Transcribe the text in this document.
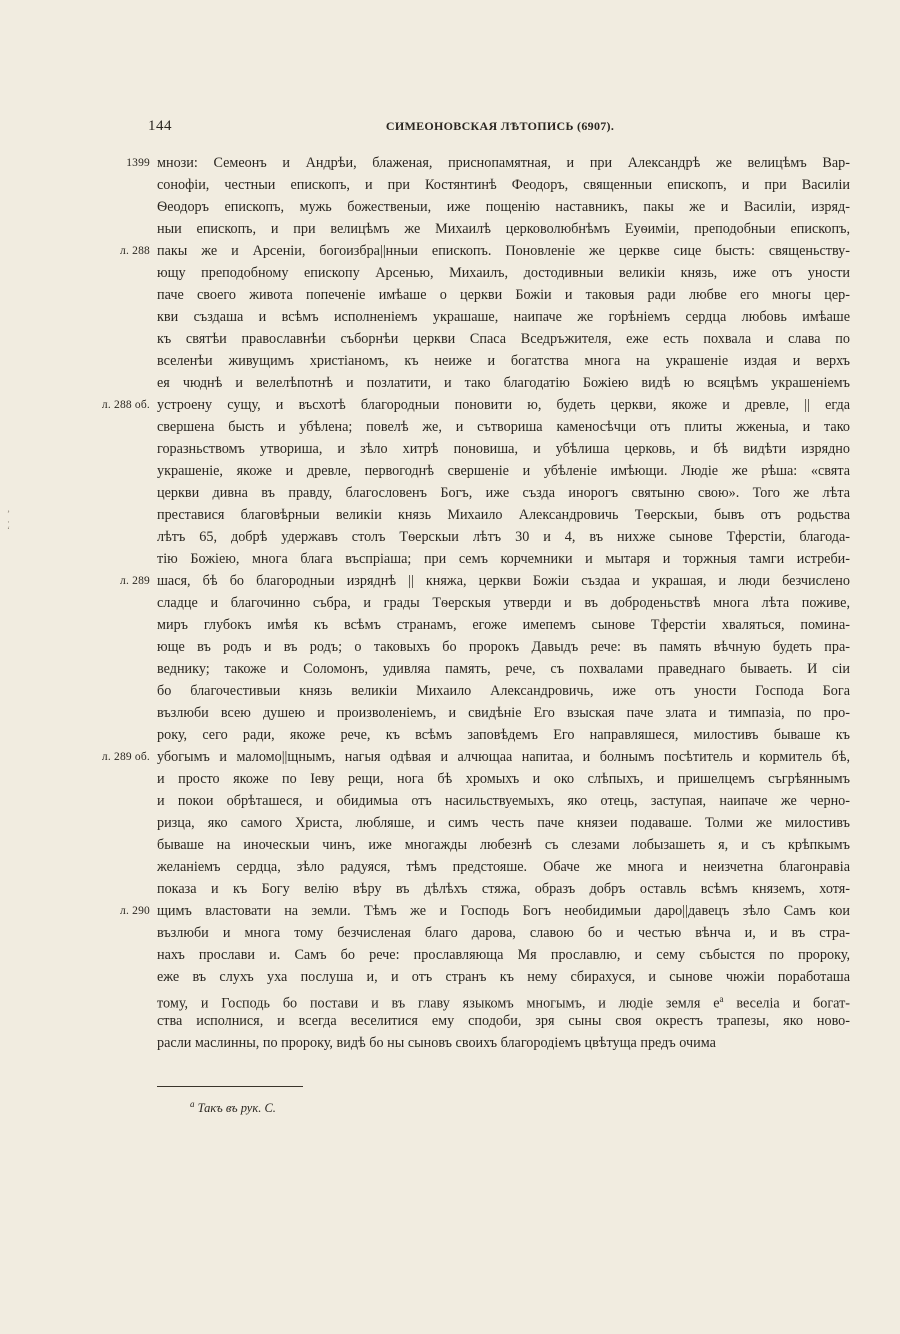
144	СИМЕОНОВСКАЯ ЛѢТОПИСЬ (6907).
ʼ
·
ʻ
1399
л. 288
л. 288 об.
л. 289
л. 289 об.
л. 290
мнози: Семеонъ и Андрѣи, блаженая, приснопамятная, и при Александрѣ же велицѣмъ Вар-
сонофіи, честныи епископъ, и при Костянтинѣ Феодоръ, священныи епископъ, и при Василіи
Ѳеодоръ епископъ, мужь божественыи, иже пощенію наставникъ, пакы же и Василіи, изряд-
ныи епископъ, и при велицѣмъ же Михаилѣ церковолюбнѣмъ Еуѳиміи, преподобныи епископъ,
пакы же и Арсеніи, богоизбра||нныи епископъ. Поновленіе же церкве сице бысть: священьству-
ющу преподобному епископу Арсенью, Михаилъ, достодивныи великіи князь, иже отъ уности
паче своего живота попеченіе имѣаше о церкви Божіи и таковыя ради любве его многы цер-
кви създаша и всѣмъ исполненіемъ украшаше, наипаче же горѣніемъ сердца любовь имѣаше
къ святѣи православнѣи съборнѣи церкви Спаса Вседръжителя, еже есть похвала и слава по
вселенѣи живущимъ христіаномъ, къ неиже и богатства многа на украшеніе издая и верхъ
ея чюднѣ и велелѣпотнѣ и позлатити, и тако благодатію Божіею видѣ ю всяцѣмъ украшеніемъ
устроену сущу, и въсхотѣ благородныи поновити ю, будеть церкви, якоже и древле, || егда
свершена бысть и убѣлена; повелѣ же, и сътвориша каменосѣчци отъ плиты жженыа, и тако
горазньствомъ утвориша, и зѣло хитрѣ поновиша, и убѣлиша церковь, и бѣ видѣти изрядно
украшеніе, якоже и древле, первогоднѣ свершеніе и убѣленіе имѣющи. Людіе же рѣша: «свята
церкви дивна въ правду, благословенъ Богъ, иже създа инорогъ святыню свою». Того же лѣта
преставися благовѣрныи великіи князь Михаило Александровичь Тѳерскыи, бывъ отъ родьства
лѣтъ 65, добрѣ удержавъ столъ Тѳерскыи лѣтъ 30 и 4, въ нихже сынове Тферстіи, благода-
тію Божіею, многа блага въспріаша; при семъ корчемники и мытаря и торжныя тамги истреби-
шася, бѣ бо благородныи изряднѣ || княжа, церкви Божіи създаа и украшая, и люди безчислено
сладце и благочинно събра, и грады Тѳерскыя утверди и въ доброденьствѣ многа лѣта поживе,
миръ глубокъ имѣя къ всѣмъ странамъ, егоже имепемъ сынове Тферстіи хваляться, помина-
юще въ родъ и въ родъ; о таковыхъ бо пророкъ Давыдъ рече: въ память вѣчную будеть пра-
веднику; такоже и Соломонъ, удивляа память, рече, съ похвалами праведнаго бываеть. И сіи
бо благочестивыи князь великіи Михаило Александровичь, иже отъ уности Господа Бога
възлюби всею душею и произволеніемъ, и свидѣніе Его взыская паче злата и тимпазіа, по про-
року, сего ради, якоже рече, къ всѣмъ заповѣдемъ Его направляшеся, милостивъ бываше къ
убогымъ и маломо||щнымъ, нагыя одѣвая и алчющаа напитаа, и болнымъ посѣтитель и кормитель бѣ,
и просто якоже по Іеву рещи, нога бѣ хромыхъ и око слѣпыхъ, и пришелцемъ съгрѣяннымъ
и покои обрѣташеся, и обидимыа отъ насильствуемыхъ, яко отець, заступая, наипаче же черно-
ризца, яко самого Христа, любляше, и симъ честь паче князеи подаваше. Толми же милостивъ
бываше на иноческыи чинъ, иже многажды любезнѣ съ слезами лобызашеть я, и съ крѣпкымъ
желаніемъ сердца, зѣло радуяся, тѣмъ предстояше. Обаче же многа и неизчетна благонравіа
показа и къ Богу велію вѣру въ дѣлѣхъ стяжа, образъ добръ оставль всѣмъ княземъ, хотя-
щимъ властовати на земли. Тѣмъ же и Господь Богъ необидимыи даро||давецъ зѣло Самъ кои
възлюби и многа тому безчисленая благо дарова, славою бо и честью вѣнча и, и въ стра-
нахъ прослави и. Самъ бо рече: прославляюща Мя прославлю, и сему събыстся по пророку,
еже въ слухъ уха послуша и, и отъ странъ къ нему сбирахуся, и сынове чюжіи поработаша
тому, и Господь бо постави и въ главу языкомъ многымъ, и людіе земля $е^а$ веселіа и богат-
ства исполнися, и всегда веселитися ему сподоби, зря сыны своя окрестъ трапезы, яко ново-
расли маслинны, по пророку, видѣ бо ны сыновъ своихъ благородіемъ цвѣтуща предъ очима
$^а$ Такъ въ рук. С.
